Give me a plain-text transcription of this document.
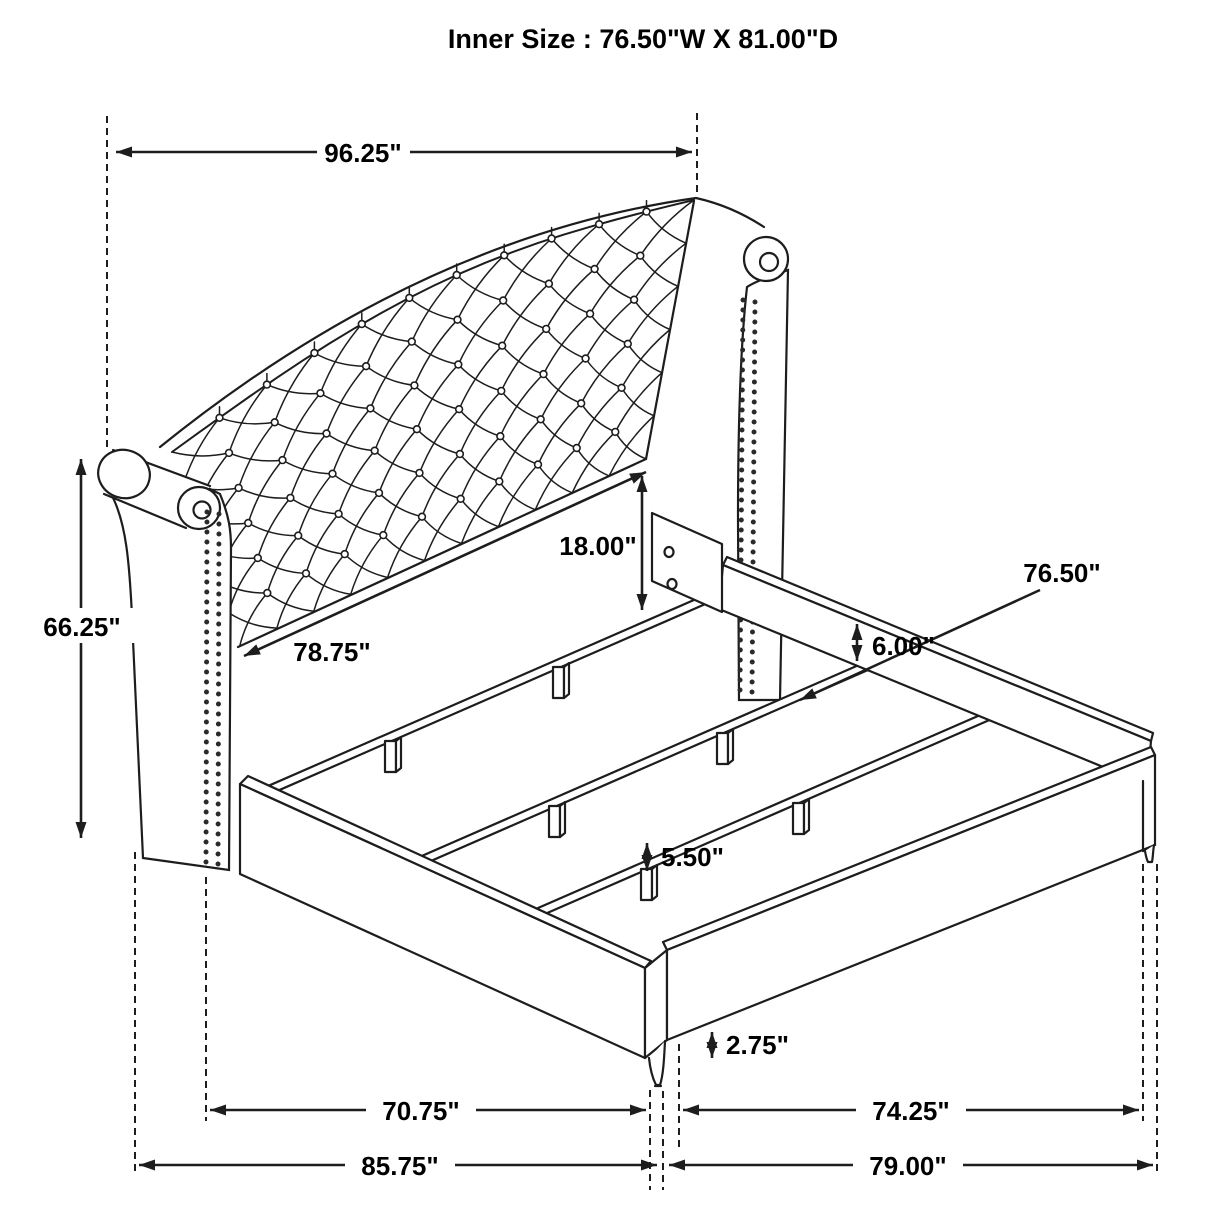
96.25"
66.25"
18.00"
78.75"
76.50"
6.00"
5.50"
2.75"
70.75"	74.25"
85.75"	79.00"
Inner Size : 76.50"W X 81.00"D
